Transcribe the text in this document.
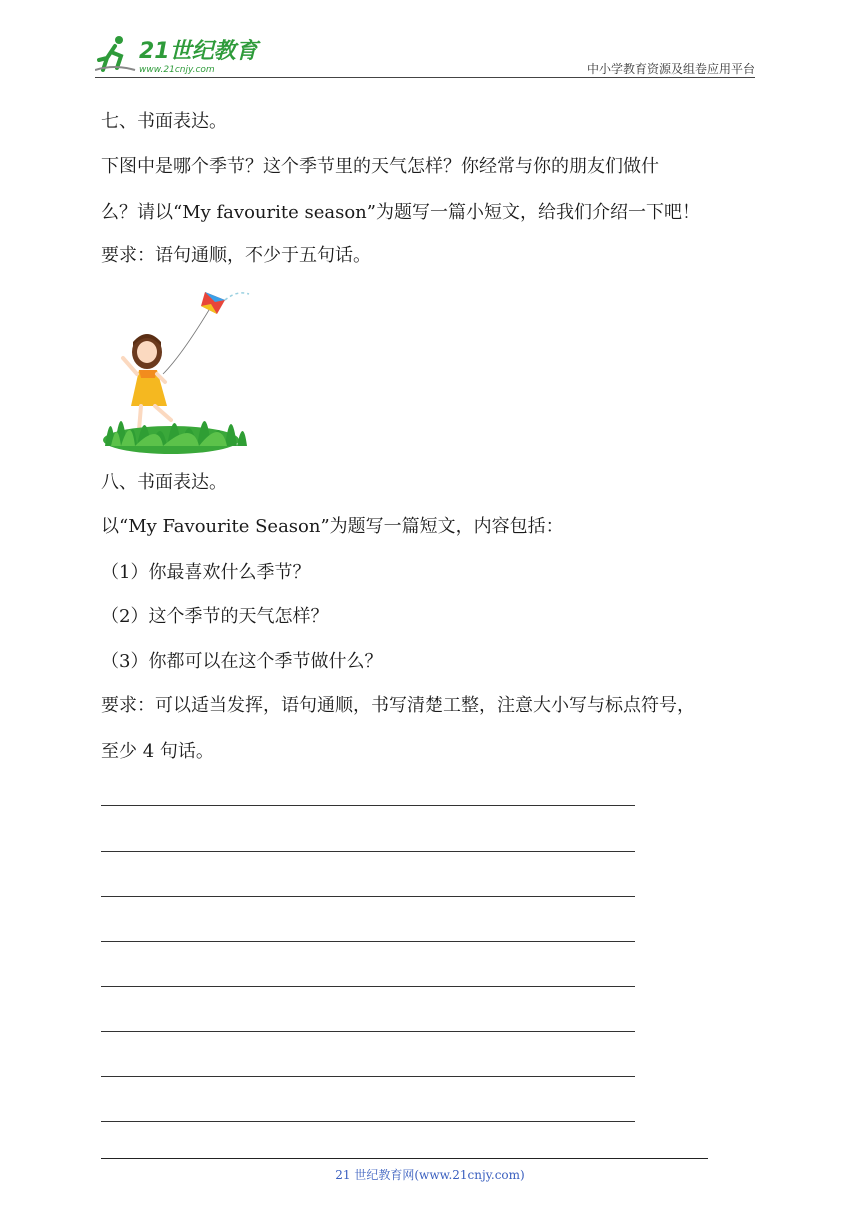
21世纪教育
www.21cnjy.com	中小学教育资源及组卷应用平台
七、书面表达。
下图中是哪个季节？这个季节里的天气怎样？你经常与你的朋友们做什
么？请以“My favourite season”为题写一篇小短文，给我们介绍一下吧！
要求：语句通顺，不少于五句话。
八、书面表达。
以“My Favourite Season”为题写一篇短文，内容包括：
（1）你最喜欢什么季节？
（2）这个季节的天气怎样？
（3）你都可以在这个季节做什么？
要求：可以适当发挥，语句通顺，书写清楚工整，注意大小写与标点符号，
至少 4 句话。
21 世纪教育网(www.21cnjy.com)
